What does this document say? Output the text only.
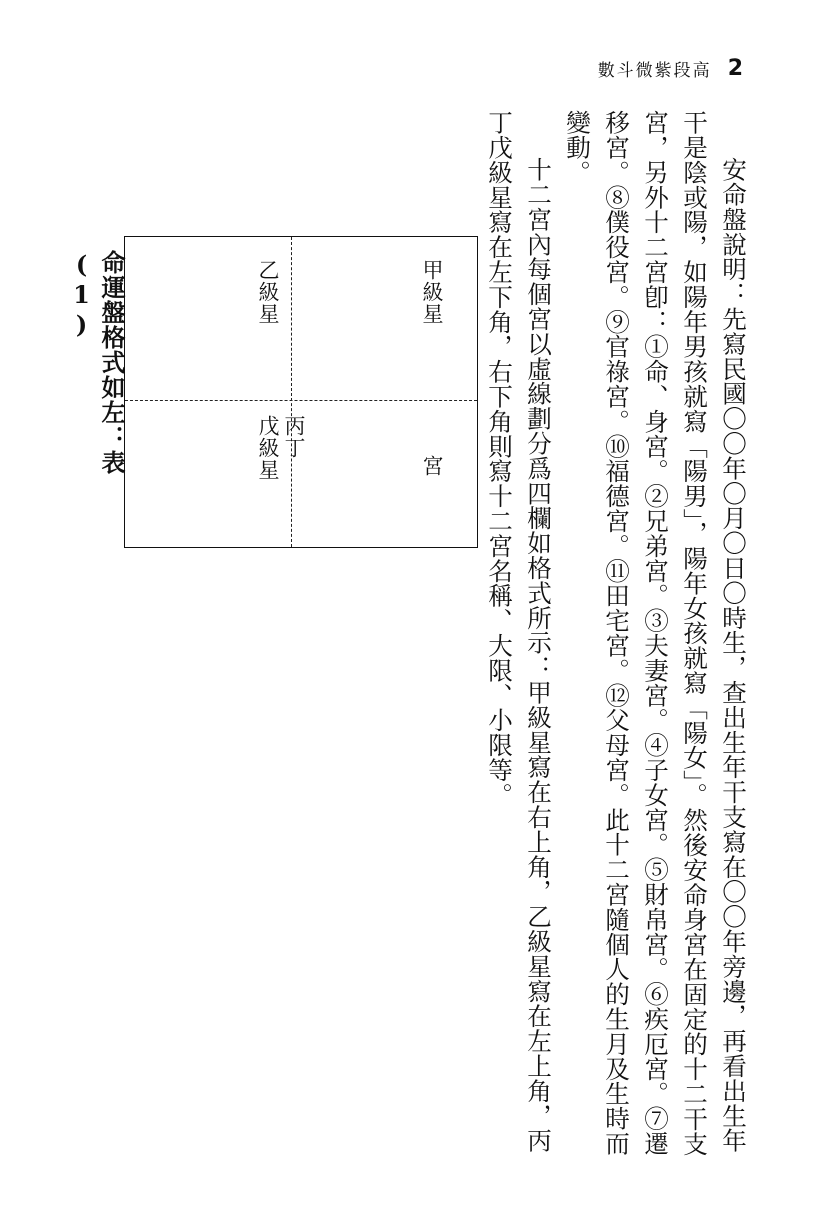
數斗微紫段高 2

安命盤說明：先寫民國〇〇年〇月〇日〇時生，查出生年干支寫在〇〇年旁邊，再看出生年干是陰或陽，如陽年男孩就寫「陽男」，陽年女孩就寫「陽女」。然後安命身宮在固定的十二干支宮，另外十二宮卽：①命、身宮。②兄弟宮。③夫妻宮。④子女宮。⑤財帛宮。⑥疾厄宮。⑦遷移宮。⑧僕役宮。⑨官祿宮。⑩福德宮。⑪田宅宮。⑫父母宮。此十二宮隨個人的生月及生時而變動。

十二宮內每個宮以虛線劃分爲四欄如格式所示：甲級星寫在右上角，乙級星寫在左上角，丙丁戊級星寫在左下角，右下角則寫十二宮名稱、大限、小限等。

甲級星
乙級星
宮
丙丁
戊級星
命運盤格式如左：表(1)
